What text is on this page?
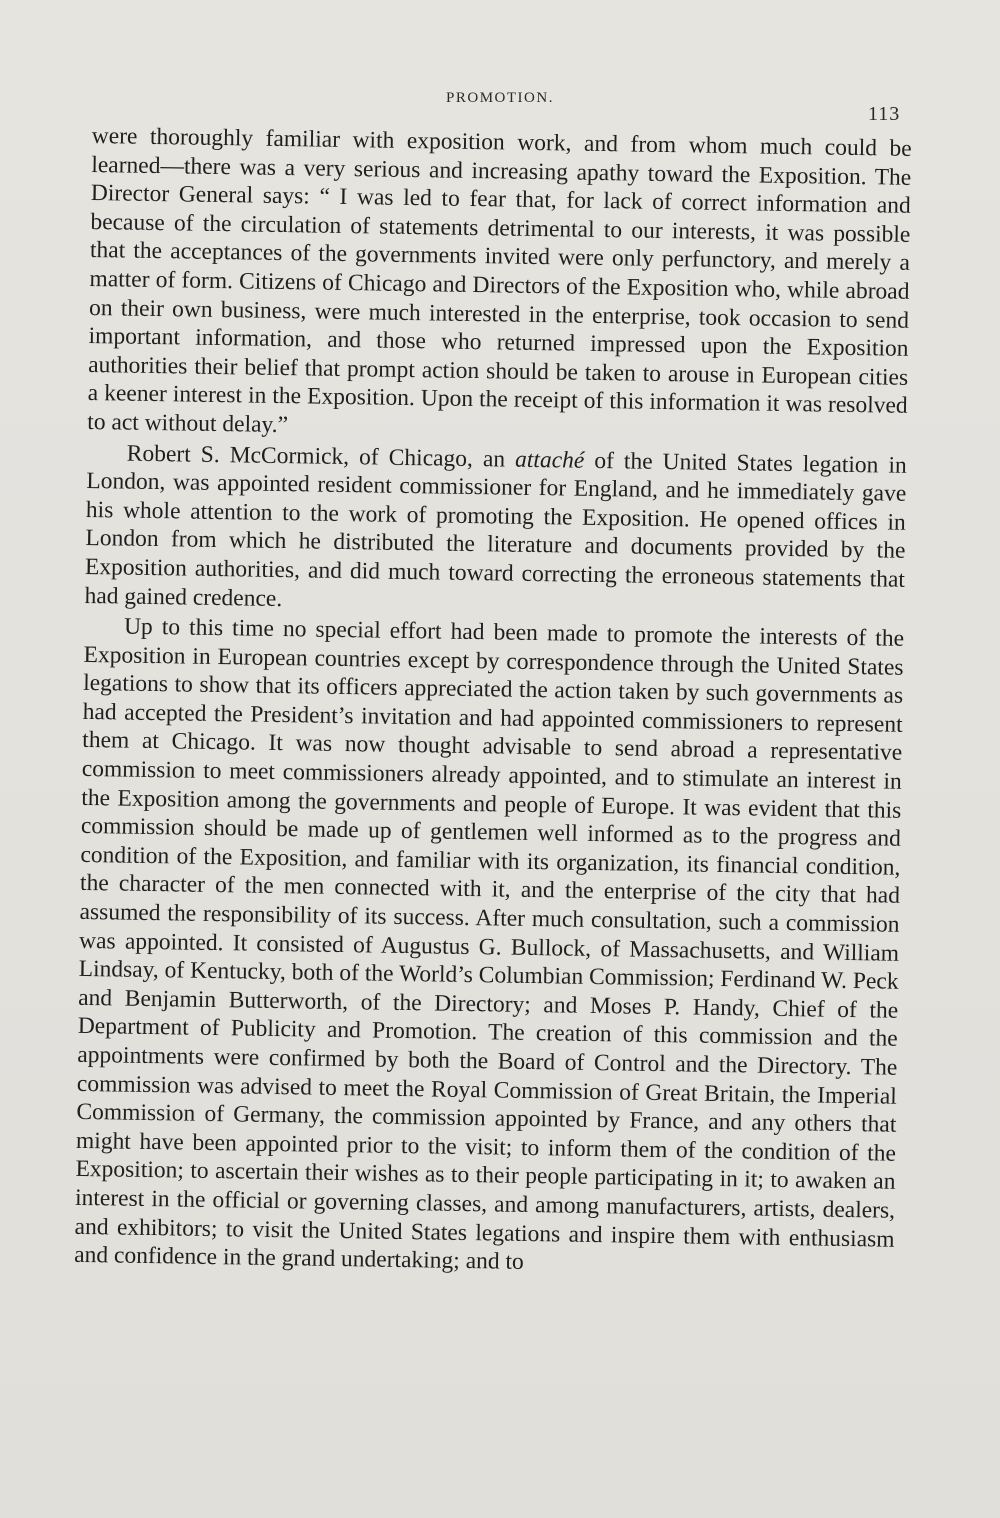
PROMOTION.
113

were thoroughly familiar with exposition work, and from whom much could be learned—there was a very serious and increasing apathy toward the Exposition. The Director General says: “ I was led to fear that, for lack of correct information and because of the circulation of statements detrimental to our interests, it was possible that the acceptances of the governments invited were only perfunctory, and merely a matter of form. Citizens of Chicago and Directors of the Exposition who, while abroad on their own business, were much interested in the enterprise, took occasion to send important information, and those who returned impressed upon the Exposition authorities their belief that prompt action should be taken to arouse in European cities a keener interest in the Exposition. Upon the receipt of this information it was resolved to act without delay.”

Robert S. McCormick, of Chicago, an attaché of the United States legation in London, was appointed resident commissioner for England, and he immediately gave his whole attention to the work of promoting the Exposition. He opened offices in London from which he distributed the literature and documents provided by the Exposition authorities, and did much toward correcting the erroneous statements that had gained credence.

Up to this time no special effort had been made to promote the interests of the Exposition in European countries except by correspondence through the United States legations to show that its officers appreciated the action taken by such governments as had accepted the President’s invitation and had appointed commissioners to represent them at Chicago. It was now thought advisable to send abroad a representative commission to meet commissioners already appointed, and to stimulate an interest in the Exposition among the governments and people of Europe. It was evident that this commission should be made up of gentlemen well informed as to the progress and condition of the Exposition, and familiar with its organization, its financial condition, the character of the men connected with it, and the enterprise of the city that had assumed the responsibility of its success. After much consultation, such a commission was appointed. It consisted of Augustus G. Bullock, of Massachusetts, and William Lindsay, of Kentucky, both of the World’s Columbian Commission; Ferdinand W. Peck and Benjamin Butterworth, of the Directory; and Moses P. Handy, Chief of the Department of Publicity and Promotion. The creation of this commission and the appointments were confirmed by both the Board of Control and the Directory. The commission was advised to meet the Royal Commission of Great Britain, the Imperial Commission of Germany, the commission appointed by France, and any others that might have been appointed prior to the visit; to inform them of the condition of the Exposition; to ascertain their wishes as to their people participating in it; to awaken an interest in the official or governing classes, and among manufacturers, artists, dealers, and exhibitors; to visit the United States legations and inspire them with enthusiasm and confidence in the grand undertaking; and to
